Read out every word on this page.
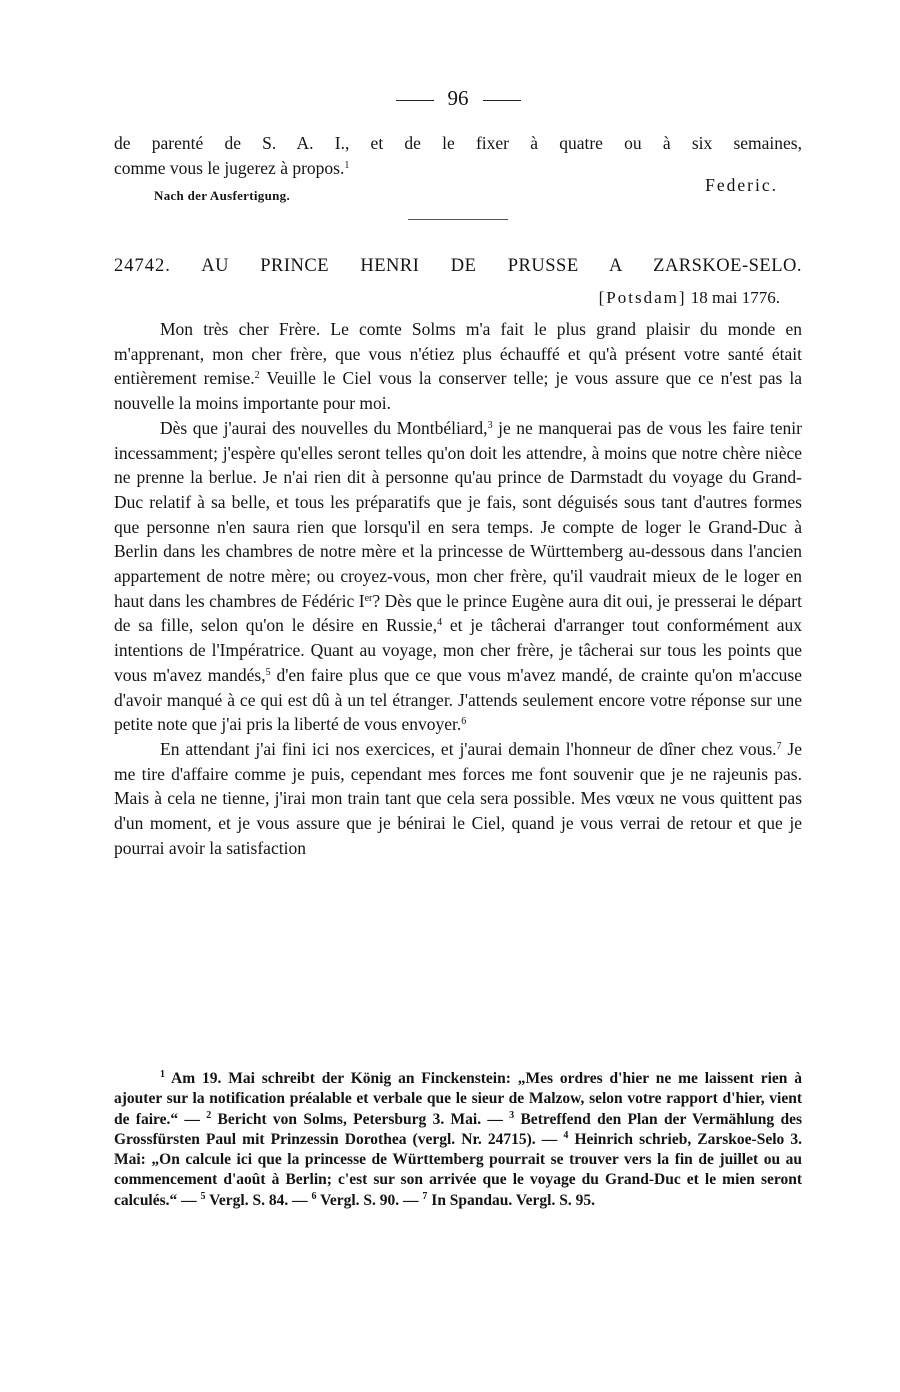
96
de parenté de S. A. I., et de le fixer à quatre ou à six semaines,
comme vous le jugerez à propos.$^1$
Nach der Ausfertigung.
Federic.
24742. AU PRINCE HENRI DE PRUSSE A ZARSKOE-SELO.
[Potsdam] 18 mai 1776.

Mon très cher Frère. Le comte Solms m'a fait le plus grand plaisir du monde en m'apprenant, mon cher frère, que vous n'étiez plus échauffé et qu'à présent votre santé était entièrement remise.$^2$ Veuille le Ciel vous la conserver telle; je vous assure que ce n'est pas la nouvelle la moins importante pour moi.

Dès que j'aurai des nouvelles du Montbéliard,$^3$ je ne manquerai pas de vous les faire tenir incessamment; j'espère qu'elles seront telles qu'on doit les attendre, à moins que notre chère nièce ne prenne la berlue. Je n'ai rien dit à personne qu'au prince de Darmstadt du voyage du Grand-Duc relatif à sa belle, et tous les préparatifs que je fais, sont déguisés sous tant d'autres formes que personne n'en saura rien que lorsqu'il en sera temps. Je compte de loger le Grand-Duc à Berlin dans les chambres de notre mère et la princesse de Württemberg au-dessous dans l'ancien appartement de notre mère; ou croyez-vous, mon cher frère, qu'il vaudrait mieux de le loger en haut dans les chambres de Fédéric Ier? Dès que le prince Eugène aura dit oui, je presserai le départ de sa fille, selon qu'on le désire en Russie,$^4$ et je tâcherai d'arranger tout conformément aux intentions de l'Impératrice. Quant au voyage, mon cher frère, je tâcherai sur tous les points que vous m'avez mandés,$^5$ d'en faire plus que ce que vous m'avez mandé, de crainte qu'on m'accuse d'avoir manqué à ce qui est dû à un tel étranger. J'attends seulement encore votre réponse sur une petite note que j'ai pris la liberté de vous envoyer.$^6$

En attendant j'ai fini ici nos exercices, et j'aurai demain l'honneur de dîner chez vous.$^7$ Je me tire d'affaire comme je puis, cependant mes forces me font souvenir que je ne rajeunis pas. Mais à cela ne tienne, j'irai mon train tant que cela sera possible. Mes vœux ne vous quittent pas d'un moment, et je vous assure que je bénirai le Ciel, quand je vous verrai de retour et que je pourrai avoir la satisfaction

$^1$ Am 19. Mai schreibt der König an Finckenstein: „Mes ordres d'hier ne me laissent rien à ajouter sur la notification préalable et verbale que le sieur de Malzow, selon votre rapport d'hier, vient de faire.“ — $^2$ Bericht von Solms, Petersburg 3. Mai. — $^3$ Betreffend den Plan der Vermählung des Grossfürsten Paul mit Prinzessin Dorothea (vergl. Nr. 24715). — $^4$ Heinrich schrieb, Zarskoe-Selo 3. Mai: „On calcule ici que la princesse de Württemberg pourrait se trouver vers la fin de juillet ou au commencement d'août à Berlin; c'est sur son arrivée que le voyage du Grand-Duc et le mien seront calculés.“ — $^5$ Vergl. S. 84. — $^6$ Vergl. S. 90. — $^7$ In Spandau. Vergl. S. 95.
